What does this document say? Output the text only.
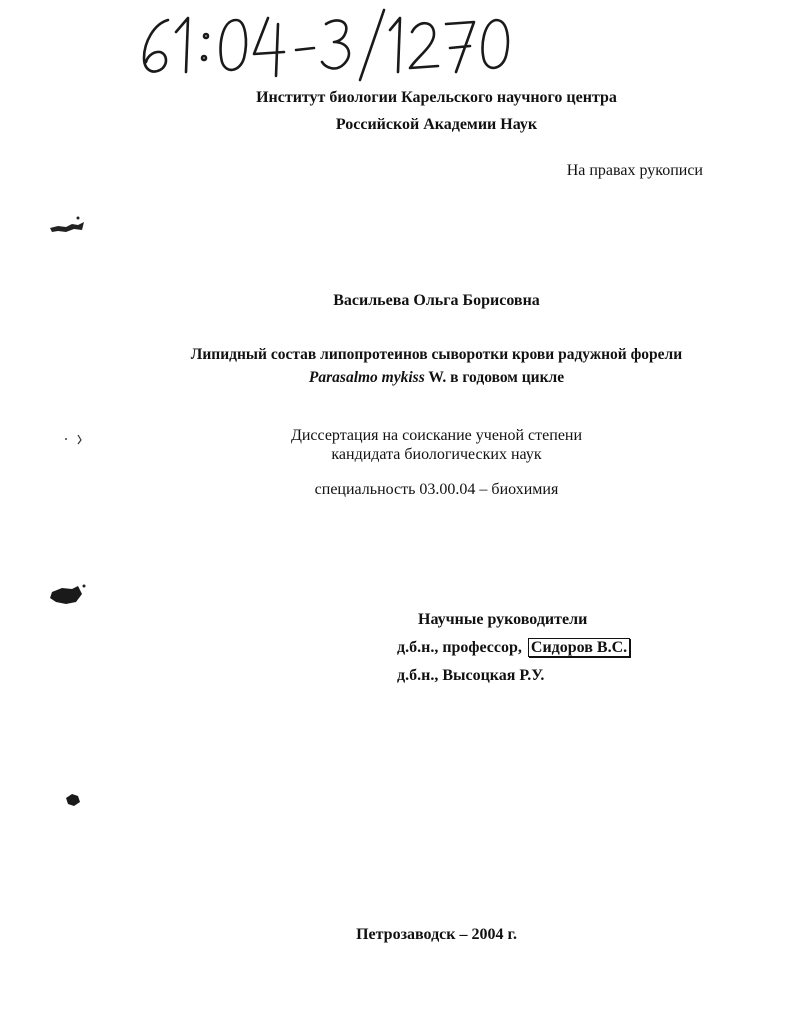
Институт биологии Карельского научного центра
Российской Академии Наук
На правах рукописи
Васильева Ольга Борисовна
Липидный состав липопротеинов сыворотки крови радужной форели
Parasalmo mykiss W. в годовом цикле
Диссертация на соискание ученой степени
кандидата биологических наук
специальность 03.00.04 – биохимия
Научные руководители
д.б.н., профессор, Сидоров В.С.
д.б.н., Высоцкая Р.У.
Петрозаводск – 2004 г.
